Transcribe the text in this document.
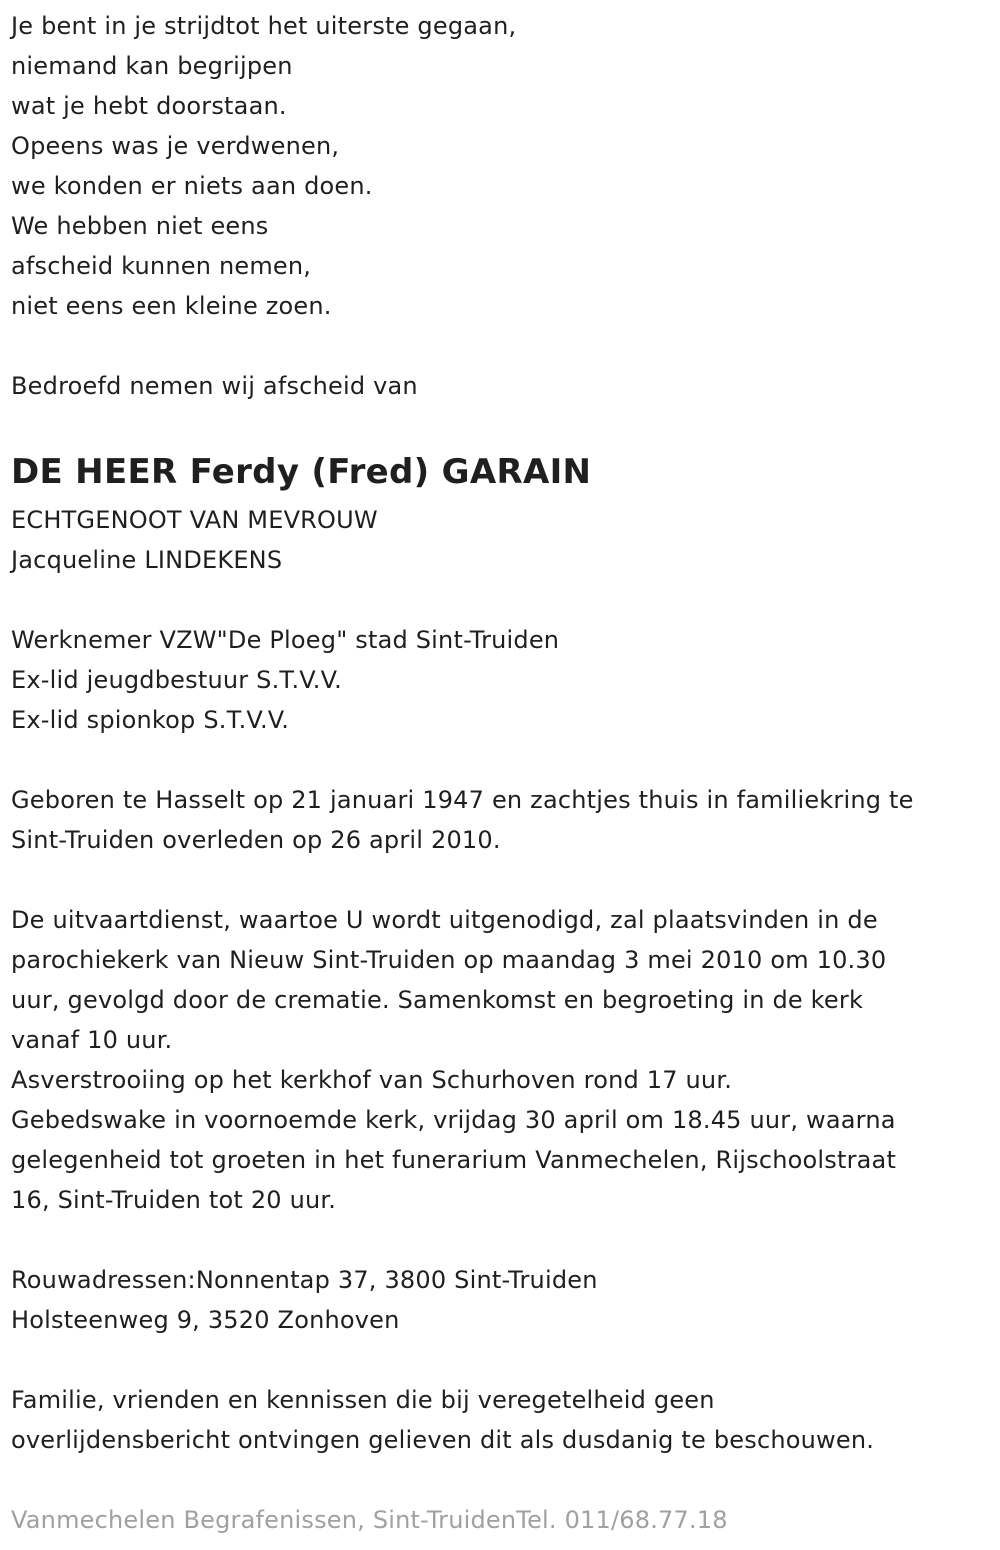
Je bent in je strijdtot het uiterste gegaan,
niemand kan begrijpen
wat je hebt doorstaan.
Opeens was je verdwenen,
we konden er niets aan doen.
We hebben niet eens
afscheid kunnen nemen,
niet eens een kleine zoen.
Bedroefd nemen wij afscheid van
DE HEER Ferdy (Fred) GARAIN
ECHTGENOOT VAN MEVROUW
Jacqueline LINDEKENS
Werknemer VZW"De Ploeg" stad Sint-Truiden
Ex-lid jeugdbestuur S.T.V.V.
Ex-lid spionkop S.T.V.V.
Geboren te Hasselt op 21 januari 1947 en zachtjes thuis in familiekring te
Sint-Truiden overleden op 26 april 2010.
De uitvaartdienst, waartoe U wordt uitgenodigd, zal plaatsvinden in de
parochiekerk van Nieuw Sint-Truiden op maandag 3 mei 2010 om 10.30
uur, gevolgd door de crematie. Samenkomst en begroeting in de kerk
vanaf 10 uur.
Asverstrooiing op het kerkhof van Schurhoven rond 17 uur.
Gebedswake in voornoemde kerk, vrijdag 30 april om 18.45 uur, waarna
gelegenheid tot groeten in het funerarium Vanmechelen, Rijschoolstraat
16, Sint-Truiden tot 20 uur.
Rouwadressen:Nonnentap 37, 3800 Sint-Truiden
Holsteenweg 9, 3520 Zonhoven
Familie, vrienden en kennissen die bij veregetelheid geen
overlijdensbericht ontvingen gelieven dit als dusdanig te beschouwen.
Vanmechelen Begrafenissen, Sint-TruidenTel. 011/68.77.18
